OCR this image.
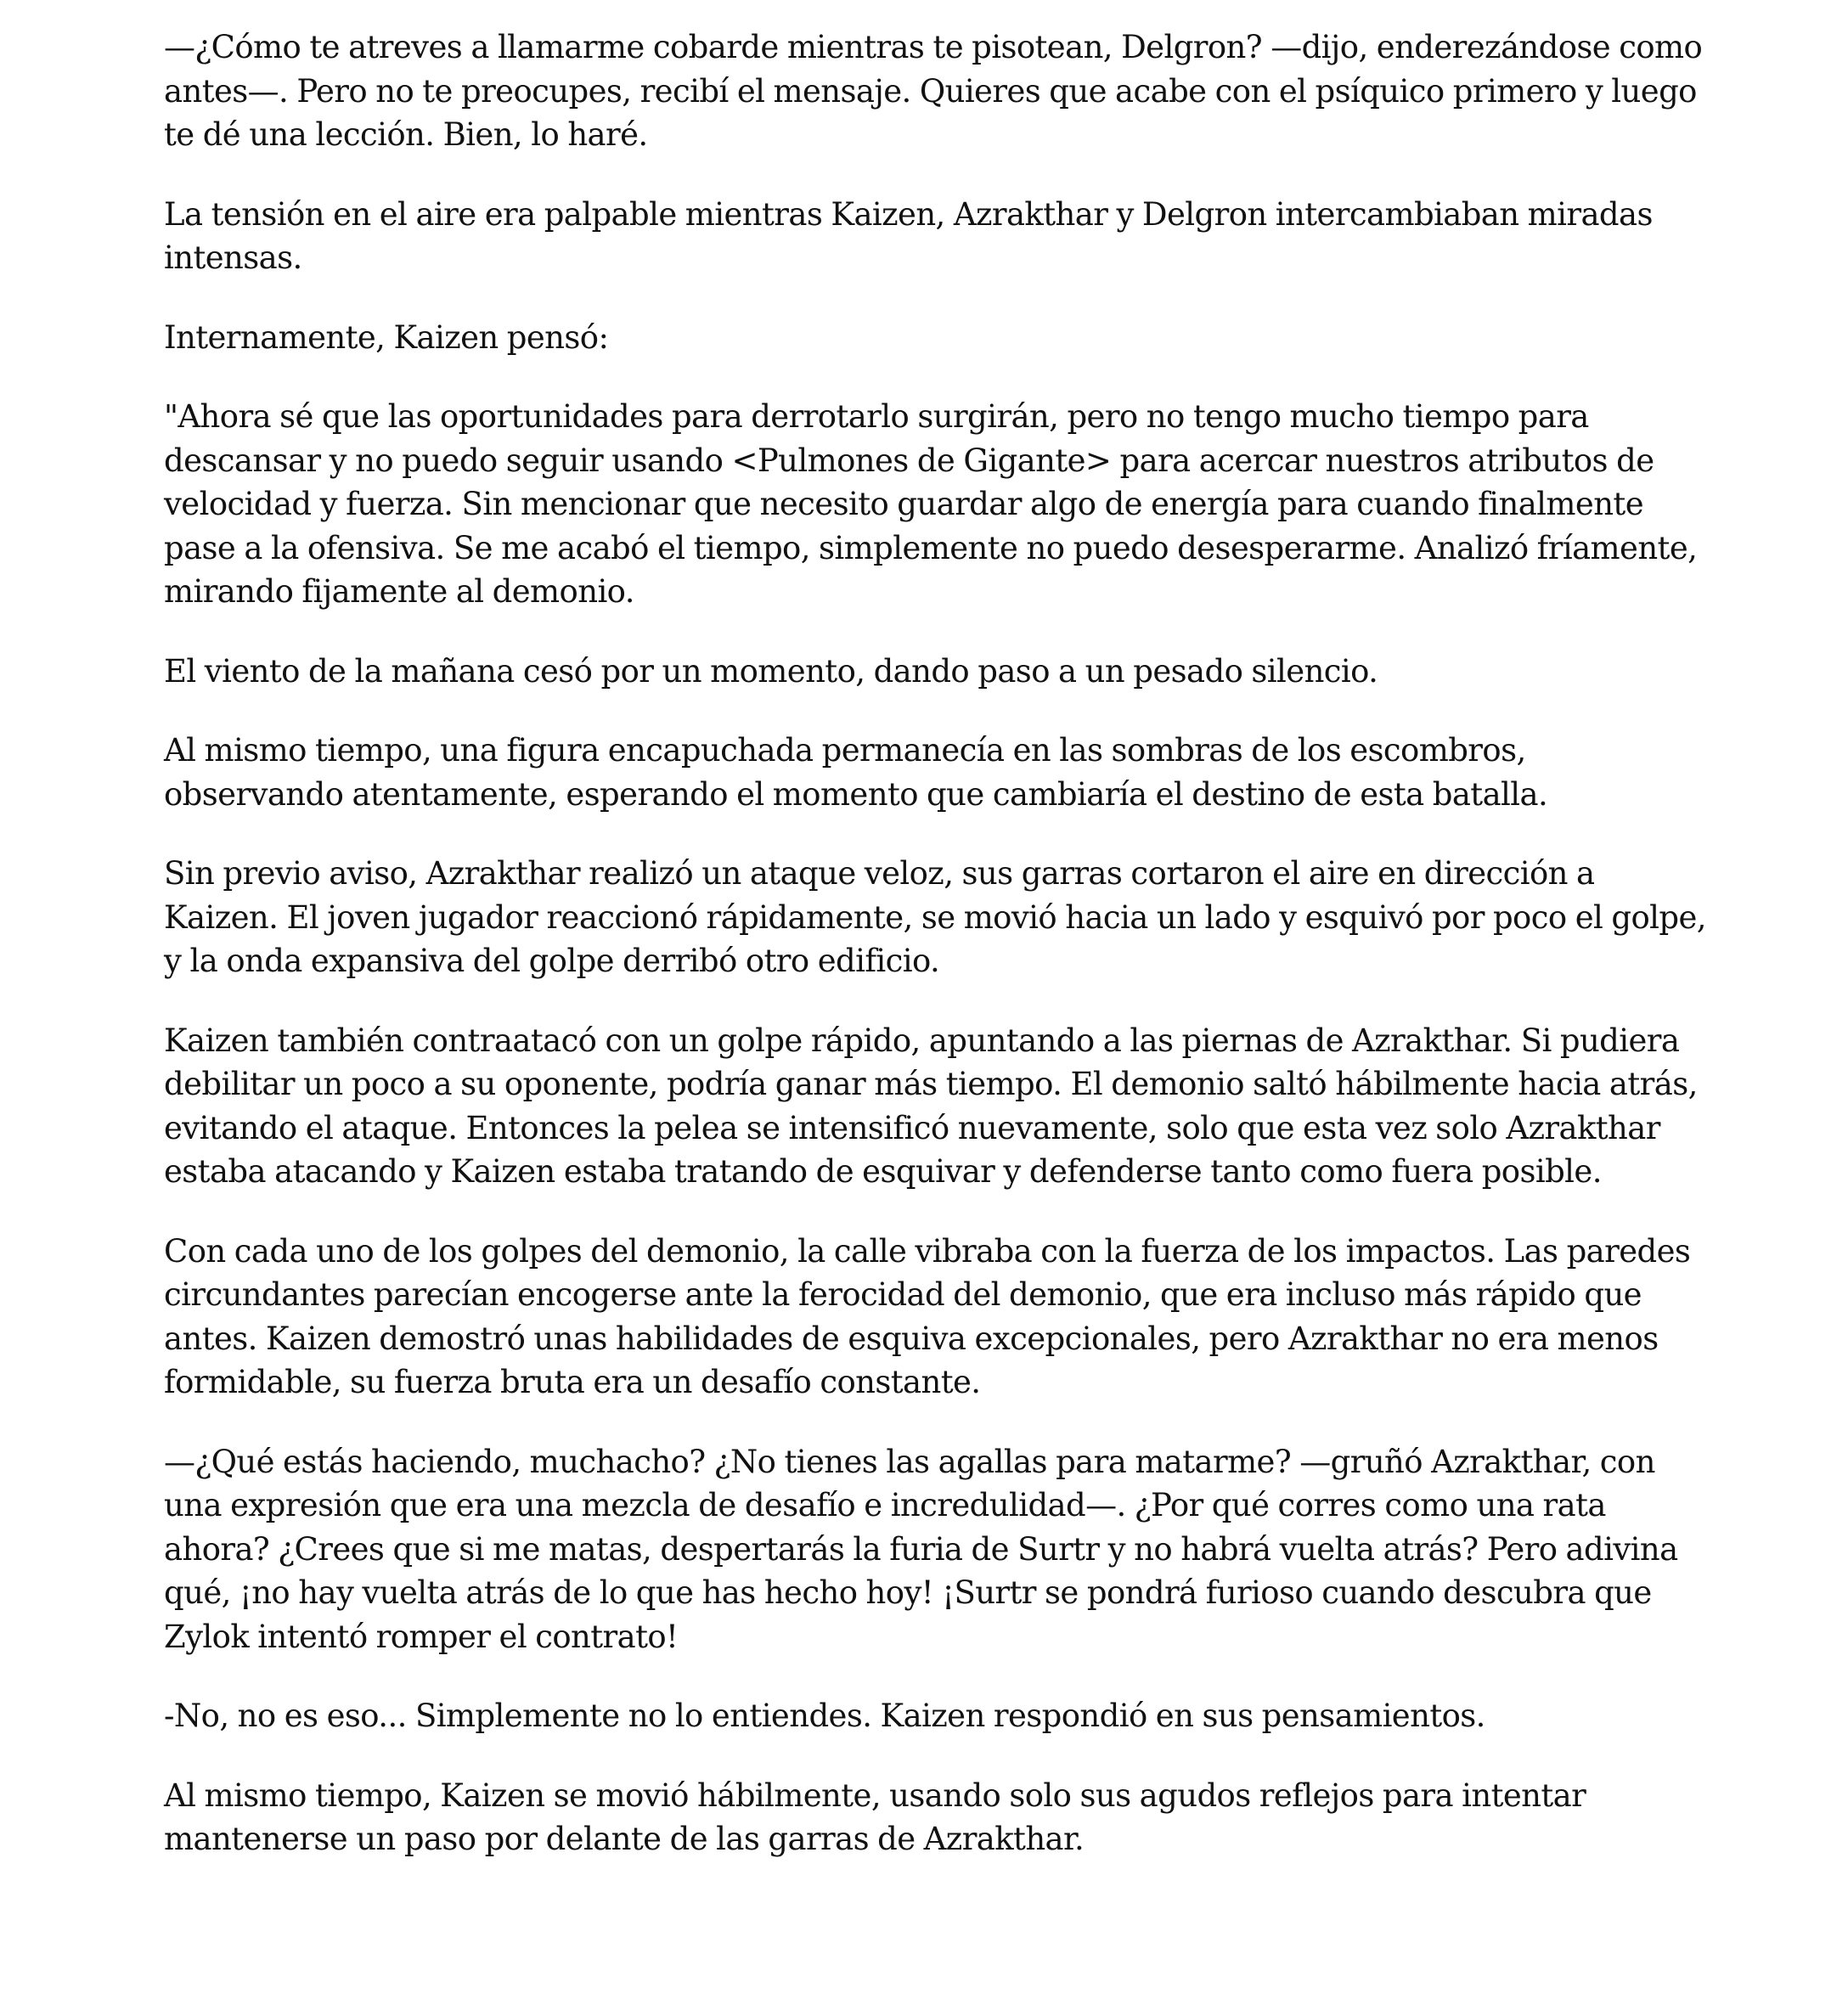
—¿Cómo te atreves a llamarme cobarde mientras te pisotean, Delgron? —dijo, enderezándose como antes—. Pero no te preocupes, recibí el mensaje. Quieres que acabe con el psíquico primero y luego te dé una lección. Bien, lo haré.

La tensión en el aire era palpable mientras Kaizen, Azrakthar y Delgron intercambiaban miradas intensas.

Internamente, Kaizen pensó:

"Ahora sé que las oportunidades para derrotarlo surgirán, pero no tengo mucho tiempo para descansar y no puedo seguir usando <Pulmones de Gigante> para acercar nuestros atributos de velocidad y fuerza. Sin mencionar que necesito guardar algo de energía para cuando finalmente pase a la ofensiva. Se me acabó el tiempo, simplemente no puedo desesperarme. Analizó fríamente, mirando fijamente al demonio.

El viento de la mañana cesó por un momento, dando paso a un pesado silencio.

Al mismo tiempo, una figura encapuchada permanecía en las sombras de los escombros, observando atentamente, esperando el momento que cambiaría el destino de esta batalla.

Sin previo aviso, Azrakthar realizó un ataque veloz, sus garras cortaron el aire en dirección a Kaizen. El joven jugador reaccionó rápidamente, se movió hacia un lado y esquivó por poco el golpe, y la onda expansiva del golpe derribó otro edificio.

Kaizen también contraatacó con un golpe rápido, apuntando a las piernas de Azrakthar. Si pudiera debilitar un poco a su oponente, podría ganar más tiempo. El demonio saltó hábilmente hacia atrás, evitando el ataque. Entonces la pelea se intensificó nuevamente, solo que esta vez solo Azrakthar estaba atacando y Kaizen estaba tratando de esquivar y defenderse tanto como fuera posible.

Con cada uno de los golpes del demonio, la calle vibraba con la fuerza de los impactos. Las paredes circundantes parecían encogerse ante la ferocidad del demonio, que era incluso más rápido que antes. Kaizen demostró unas habilidades de esquiva excepcionales, pero Azrakthar no era menos formidable, su fuerza bruta era un desafío constante.

—¿Qué estás haciendo, muchacho? ¿No tienes las agallas para matarme? —gruñó Azrakthar, con una expresión que era una mezcla de desafío e incredulidad—. ¿Por qué corres como una rata ahora? ¿Crees que si me matas, despertarás la furia de Surtr y no habrá vuelta atrás? Pero adivina qué, ¡no hay vuelta atrás de lo que has hecho hoy! ¡Surtr se pondrá furioso cuando descubra que Zylok intentó romper el contrato!

-No, no es eso... Simplemente no lo entiendes. Kaizen respondió en sus pensamientos.

Al mismo tiempo, Kaizen se movió hábilmente, usando solo sus agudos reflejos para intentar mantenerse un paso por delante de las garras de Azrakthar.
